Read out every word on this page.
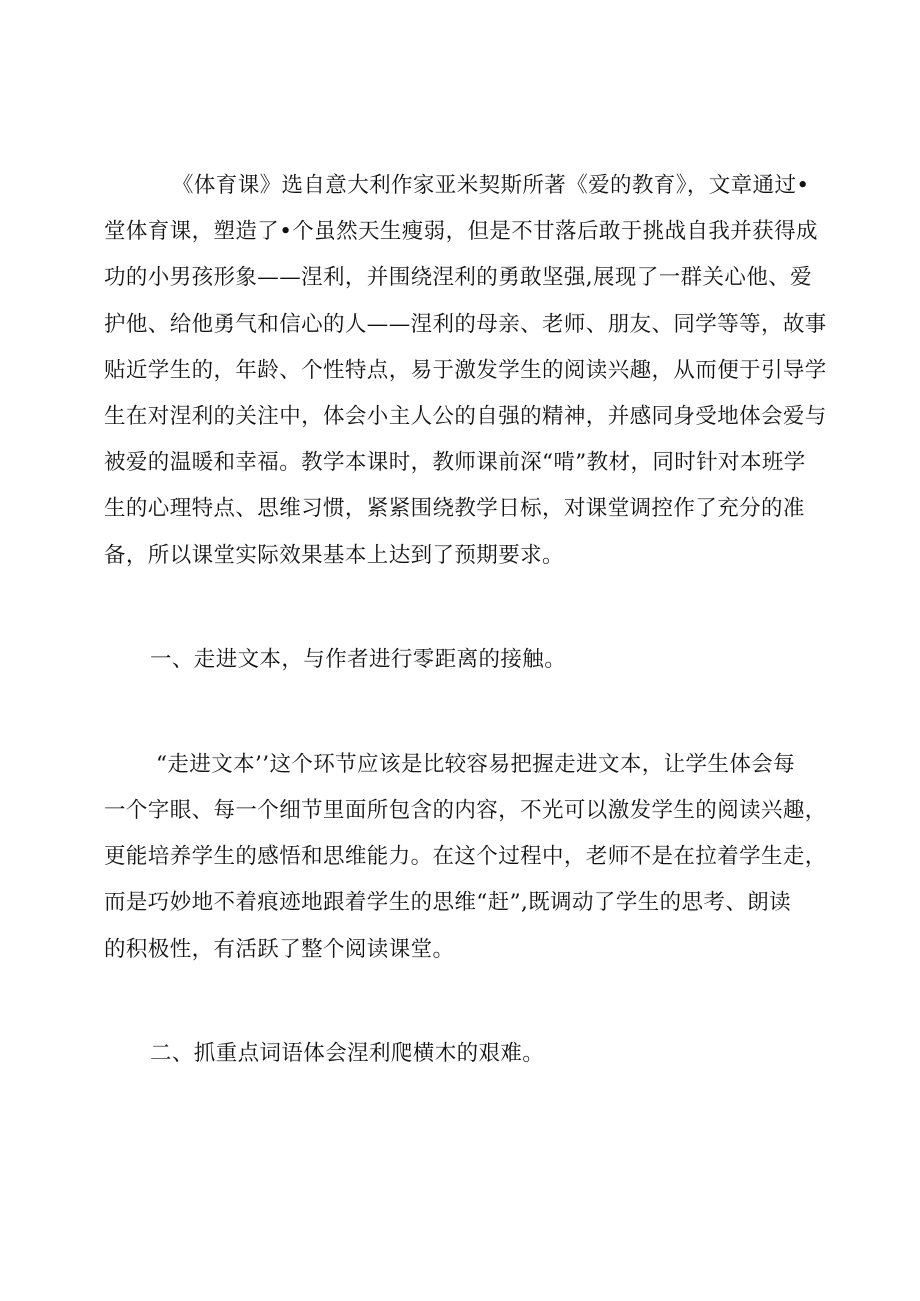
《体育课》选自意大利作家亚米契斯所著《爱的教育》，文章通过•

堂体育课，塑造了•个虽然天生瘦弱，但是不甘落后敢于挑战自我并获得成

功的小男孩形象——涅利，并围绕涅利的勇敢坚强,展现了一群关心他、爱

护他、给他勇气和信心的人——涅利的母亲、老师、朋友、同学等等，故事

贴近学生的，年龄、个性特点，易于激发学生的阅读兴趣，从而便于引导学

生在对涅利的关注中，体会小主人公的自强的精神，并感同身受地体会爱与

被爱的温暖和幸福。教学本课时，教师课前深“啃”教材，同时针对本班学

生的心理特点、思维习惯，紧紧围绕教学日标，对课堂调控作了充分的准

备，所以课堂实际效果基本上达到了预期要求。

一、走进文本，与作者进行零距离的接触。

“走进文本’’这个环节应该是比较容易把握走进文本，让学生体会每

一个字眼、每一个细节里面所包含的内容，不光可以激发学生的阅读兴趣，

更能培养学生的感悟和思维能力。在这个过程中，老师不是在拉着学生走，

而是巧妙地不着痕迹地跟着学生的思维“赶”,既调动了学生的思考、朗读

的积极性，有活跃了整个阅读课堂。

二、抓重点词语体会涅利爬横木的艰难。
